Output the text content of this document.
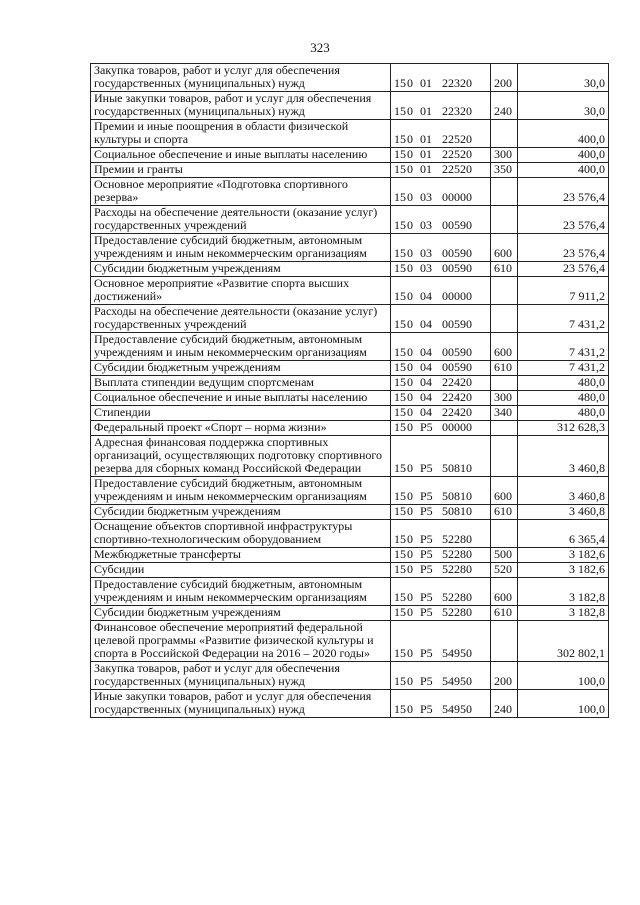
323
Закупка товаров, работ и услуг для обеспечения государственных (муниципальных) нужд	150 01 22320	200	30,0
Иные закупки товаров, работ и услуг для обеспечения государственных (муниципальных) нужд	150 01 22320	240	30,0
Премии и иные поощрения в области физической культуры и спорта	150 01 22520		400,0
Социальное обеспечение и иные выплаты населению	150 01 22520	300	400,0
Премии и гранты	150 01 22520	350	400,0
Основное мероприятие «Подготовка спортивного резерва»	150 03 00000		23 576,4
Расходы на обеспечение деятельности (оказание услуг) государственных учреждений	150 03 00590		23 576,4
Предоставление субсидий бюджетным, автономным учреждениям и иным некоммерческим организациям	150 03 00590	600	23 576,4
Субсидии бюджетным учреждениям	150 03 00590	610	23 576,4
Основное мероприятие «Развитие спорта высших достижений»	150 04 00000		7 911,2
Расходы на обеспечение деятельности (оказание услуг) государственных учреждений	150 04 00590		7 431,2
Предоставление субсидий бюджетным, автономным учреждениям и иным некоммерческим организациям	150 04 00590	600	7 431,2
Субсидии бюджетным учреждениям	150 04 00590	610	7 431,2
Выплата стипендии ведущим спортсменам	150 04 22420		480,0
Социальное обеспечение и иные выплаты населению	150 04 22420	300	480,0
Стипендии	150 04 22420	340	480,0
Федеральный проект «Спорт – норма жизни»	150 P5 00000		312 628,3
Адресная финансовая поддержка спортивных организаций, осуществляющих подготовку спортивного резерва для сборных команд Российской Федерации	150 P5 50810		3 460,8
Предоставление субсидий бюджетным, автономным учреждениям и иным некоммерческим организациям	150 P5 50810	600	3 460,8
Субсидии бюджетным учреждениям	150 P5 50810	610	3 460,8
Оснащение объектов спортивной инфраструктуры спортивно-технологическим оборудованием	150 P5 52280		6 365,4
Межбюджетные трансферты	150 P5 52280	500	3 182,6
Субсидии	150 P5 52280	520	3 182,6
Предоставление субсидий бюджетным, автономным учреждениям и иным некоммерческим организациям	150 P5 52280	600	3 182,8
Субсидии бюджетным учреждениям	150 P5 52280	610	3 182,8
Финансовое обеспечение мероприятий федеральной целевой программы «Развитие физической культуры и спорта в Российской Федерации на 2016 – 2020 годы»	150 P5 54950		302 802,1
Закупка товаров, работ и услуг для обеспечения государственных (муниципальных) нужд	150 P5 54950	200	100,0
Иные закупки товаров, работ и услуг для обеспечения государственных (муниципальных) нужд	150 P5 54950	240	100,0
